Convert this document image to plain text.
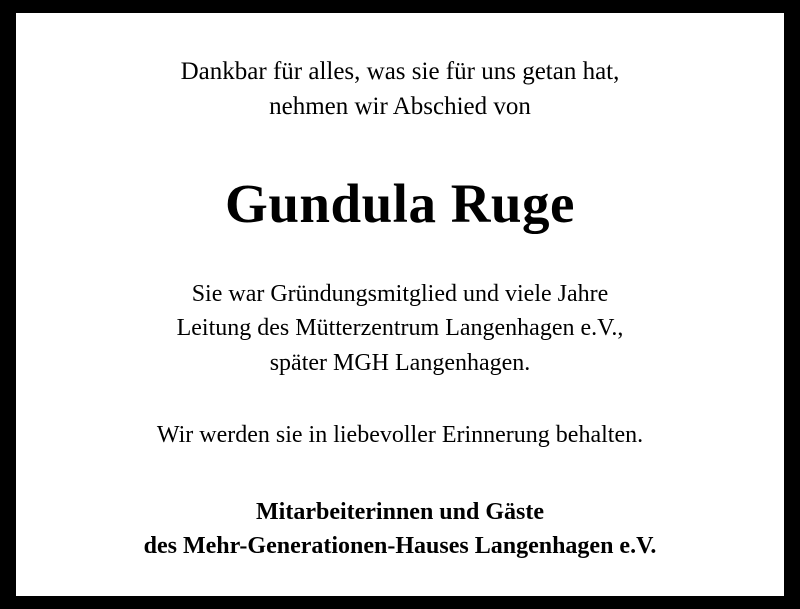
Dankbar für alles, was sie für uns getan hat,
nehmen wir Abschied von
Gundula Ruge
Sie war Gründungsmitglied und viele Jahre
Leitung des Mütterzentrum Langenhagen e.V.,
später MGH Langenhagen.
Wir werden sie in liebevoller Erinnerung behalten.
Mitarbeiterinnen und Gäste
des Mehr-Generationen-Hauses Langenhagen e.V.
